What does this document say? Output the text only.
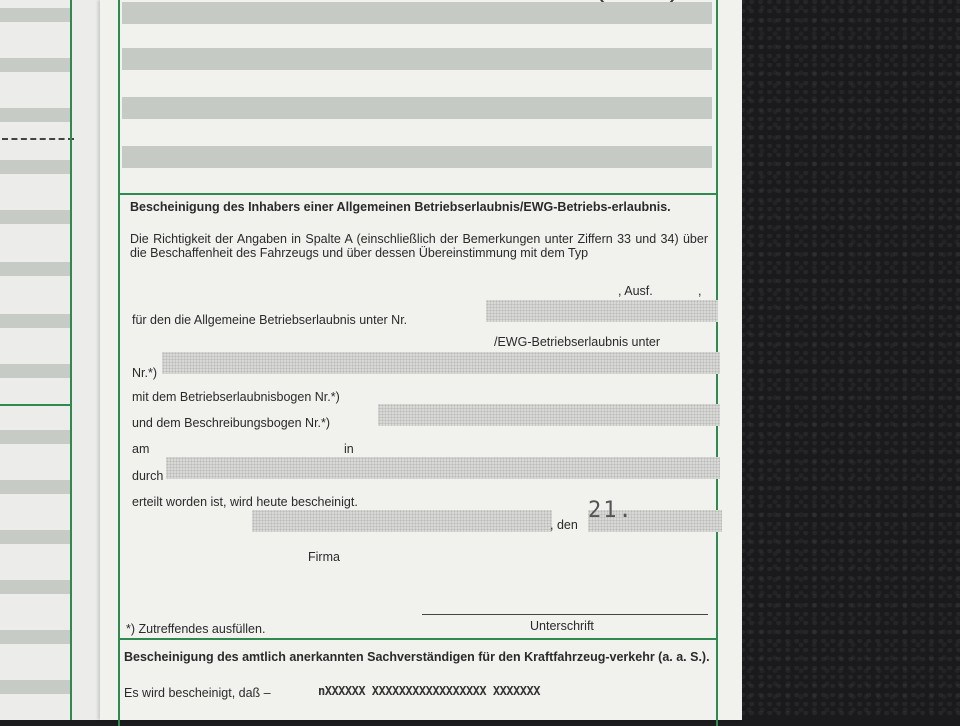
Bescheinigung des Inhabers einer Allgemeinen Betriebserlaubnis/EWG-Betriebs-erlaubnis.
Die Richtigkeit der Angaben in Spalte A (einschließlich der Bemerkungen unter Ziffern 33 und 34) über die Beschaffenheit des Fahrzeugs und über dessen Übereinstimmung mit dem Typ
, Ausf.	,
für den die Allgemeine Betriebserlaubnis unter Nr.
/EWG-Betriebserlaubnis unter
Nr.*)
mit dem Betriebserlaubnisbogen Nr.*)
und dem Beschreibungsbogen Nr.*)
am	in
durch
erteilt worden ist, wird heute bescheinigt.
, den
21.
Firma
*) Zutreffendes ausfüllen.	Unterschrift
Bescheinigung des amtlich anerkannten Sachverständigen für den Kraftfahrzeug-verkehr (a. a. S.).
Es wird bescheinigt, daß –	nXXXXXX XXXXXXXXXXXXXXXXX XXXXXXX
